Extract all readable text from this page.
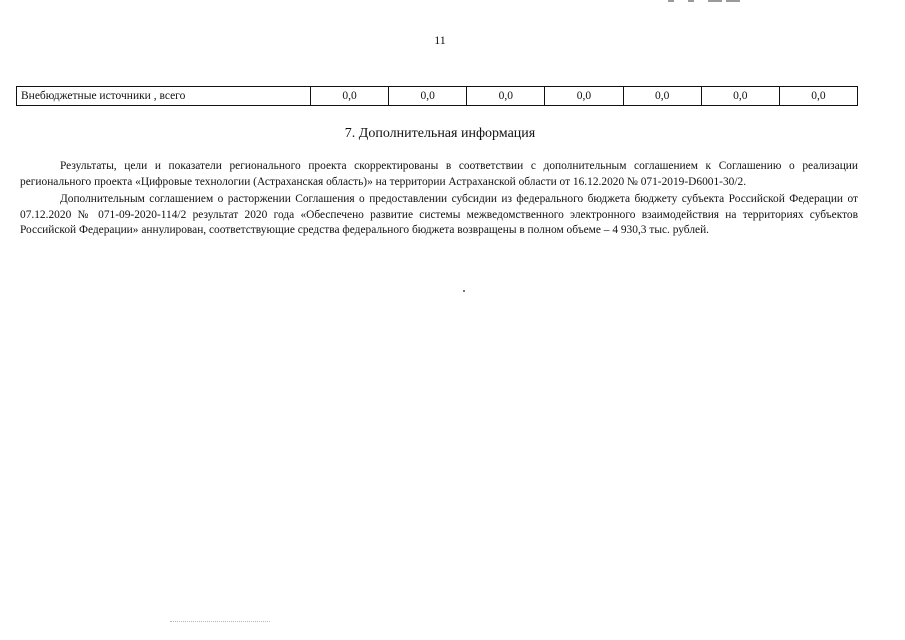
11
Внебюджетные источники , всего	0,0	0,0	0,0	0,0	0,0	0,0	0,0
7. Дополнительная информация

Результаты, цели и показатели регионального проекта скорректированы в соответствии с дополнительным соглашением к Соглашению о реализации регионального проекта «Цифровые технологии (Астраханская область)» на территории Астраханской области от 16.12.2020 № 071-2019-D6001-30/2.

Дополнительным соглашением о расторжении Соглашения о предоставлении субсидии из федерального бюджета бюджету субъекта Российской Федерации от 07.12.2020 № 071-09-2020-114/2 результат 2020 года «Обеспечено развитие системы межведомственного электронного взаимодействия на территориях субъектов Российской Федерации» аннулирован, соответствующие средства федерального бюджета возвращены в полном объеме – 4 930,3 тыс. рублей.
